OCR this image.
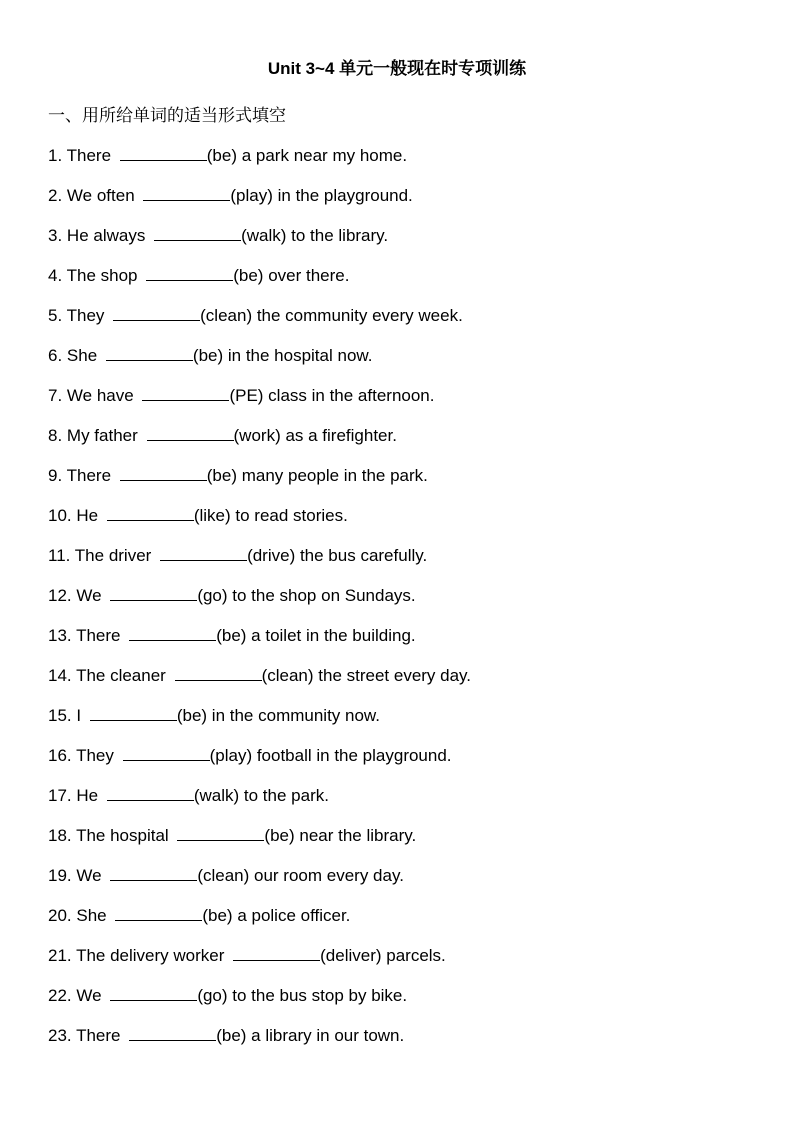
Unit 3~4 单元一般现在时专项训练
一、用所给单词的适当形式填空
1. There	(be) a park near my home.
2. We often	(play) in the playground.
3. He always	(walk) to the library.
4. The shop	(be) over there.
5. They	(clean) the community every week.
6. She	(be) in the hospital now.
7. We have	(PE) class in the afternoon.
8. My father	(work) as a firefighter.
9. There	(be) many people in the park.
10. He	(like) to read stories.
11. The driver	(drive) the bus carefully.
12. We	(go) to the shop on Sundays.
13. There	(be) a toilet in the building.
14. The cleaner	(clean) the street every day.
15. I	(be) in the community now.
16. They	(play) football in the playground.
17. He	(walk) to the park.
18. The hospital	(be) near the library.
19. We	(clean) our room every day.
20. She	(be) a police officer.
21. The delivery worker	(deliver) parcels.
22. We	(go) to the bus stop by bike.
23. There	(be) a library in our town.
